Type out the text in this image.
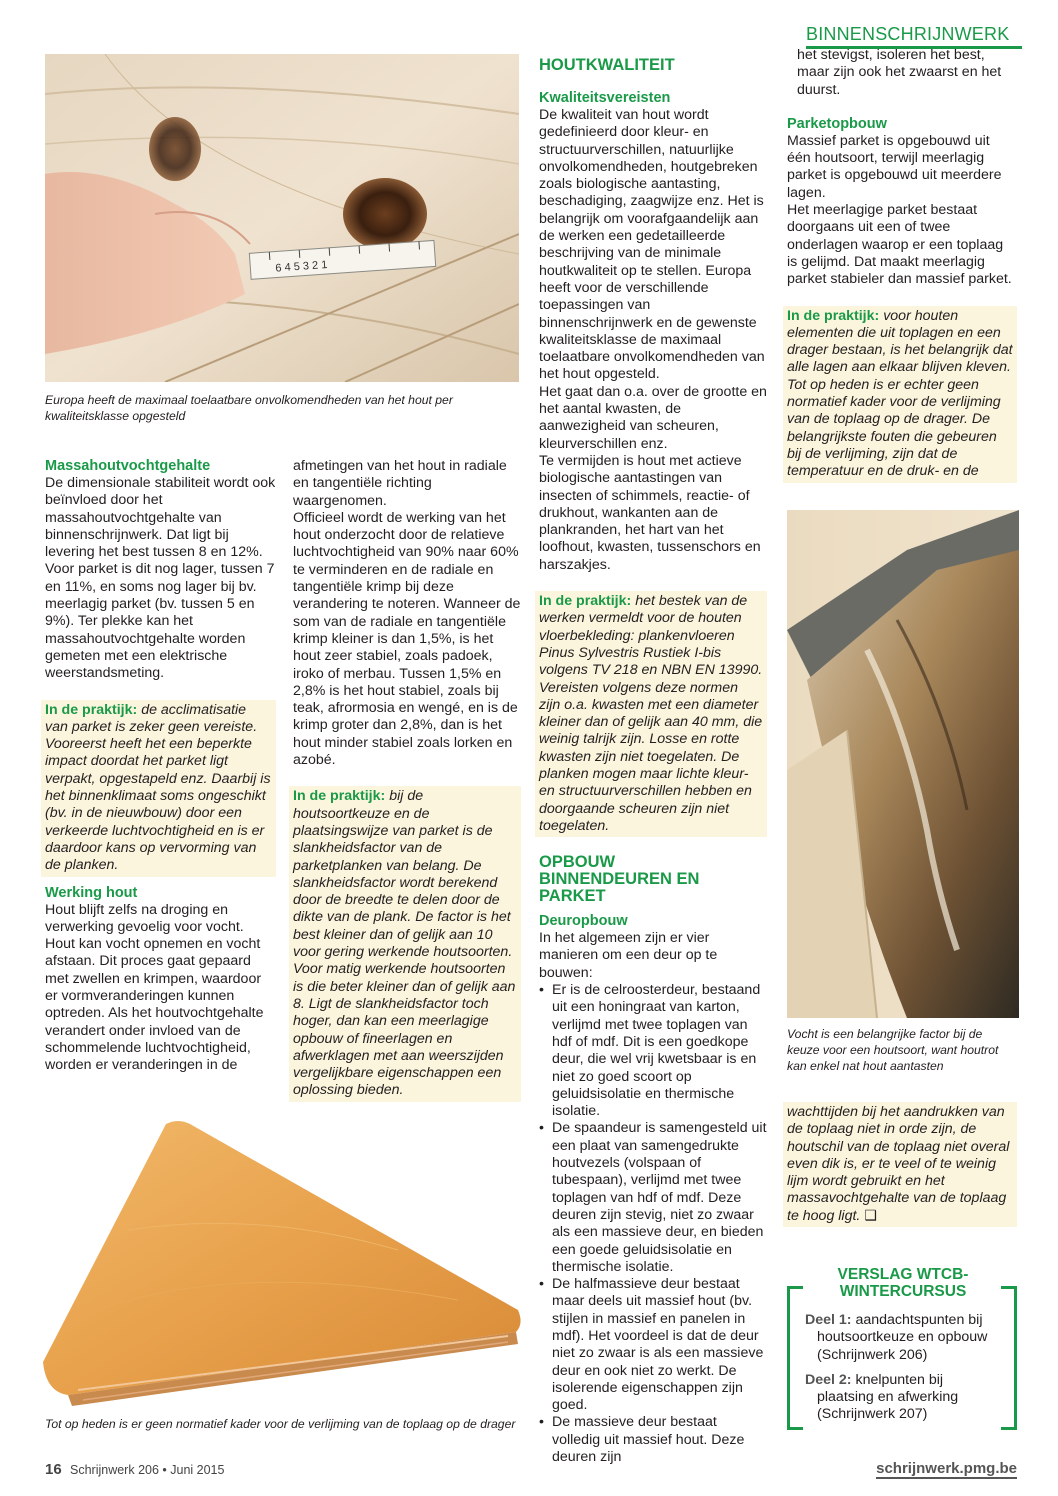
BINNENSCHRIJNWERK
6 4 5 3 2 1
Europa heeft de maximaal toelaatbare onvolkomendheden van het hout per kwaliteitsklasse opgesteld
Massahoutvochtgehalte

De dimensionale stabiliteit wordt ook beïnvloed door het massahoutvochtgehalte van binnenschrijnwerk. Dat ligt bij levering het best tussen 8 en 12%. Voor parket is dit nog lager, tussen 7 en 11%, en soms nog lager bij bv. meerlagig parket (bv. tussen 5 en 9%). Ter plekke kan het massahoutvochtgehalte worden gemeten met een elektrische weerstandsmeting.

In de praktijk: de acclimatisatie van parket is zeker geen vereiste. Vooreerst heeft het een beperkte impact doordat het parket ligt verpakt, opgestapeld enz. Daarbij is het binnenklimaat soms ongeschikt (bv. in de nieuwbouw) door een verkeerde luchtvochtigheid en is er daardoor kans op vervorming van de planken.

Werking hout

Hout blijft zelfs na droging en verwerking gevoelig voor vocht. Hout kan vocht opnemen en vocht afstaan. Dit proces gaat gepaard met zwellen en krimpen, waardoor er vormveranderingen kunnen optreden. Als het houtvochtgehalte verandert onder invloed van de schommelende luchtvochtigheid, worden er veranderingen in de

afmetingen van het hout in radiale en tangentiële richting waargenomen.

Officieel wordt de werking van het hout onderzocht door de relatieve luchtvochtigheid van 90% naar 60% te verminderen en de radiale en tangentiële krimp bij deze verandering te noteren. Wanneer de som van de radiale en tangentiële krimp kleiner is dan 1,5%, is het hout zeer stabiel, zoals padoek, iroko of merbau. Tussen 1,5% en 2,8% is het hout stabiel, zoals bij teak, afrormosia en wengé, en is de krimp groter dan 2,8%, dan is het hout minder stabiel zoals lorken en azobé.

In de praktijk: bij de houtsoortkeuze en de plaatsingswijze van parket is de slankheidsfactor van de parketplanken van belang. De slankheidsfactor wordt berekend door de breedte te delen door de dikte van de plank. De factor is het best kleiner dan of gelijk aan 10 voor gering werkende houtsoorten. Voor matig werkende houtsoorten is die beter kleiner dan of gelijk aan 8. Ligt de slankheidsfactor toch hoger, dan kan een meerlagige opbouw of fineerlagen en afwerklagen met aan weerszijden vergelijkbare eigenschappen een oplossing bieden.

Tot op heden is er geen normatief kader voor de verlijming van de toplaag op de drager
HOUTKWALITEIT
Kwaliteitsvereisten

De kwaliteit van hout wordt gedefinieerd door kleur- en structuurverschillen, natuurlijke onvolkomendheden, houtgebreken zoals biologische aantasting, beschadiging, zaagwijze enz. Het is belangrijk om voorafgaandelijk aan de werken een gedetailleerde beschrijving van de minimale houtkwaliteit op te stellen. Europa heeft voor de verschillende toepassingen van binnenschrijnwerk en de gewenste kwaliteitsklasse de maximaal toelaatbare onvolkomendheden van het hout opgesteld.

Het gaat dan o.a. over de grootte en het aantal kwasten, de aanwezigheid van scheuren, kleurverschillen enz.

Te vermijden is hout met actieve biologische aantastingen van insecten of schimmels, reactie- of drukhout, wankanten aan de plankranden, het hart van het loofhout, kwasten, tussenschors en harszakjes.

In de praktijk: het bestek van de werken vermeldt voor de houten vloerbekleding: plankenvloeren Pinus Sylvestris Rustiek I-bis volgens TV 218 en NBN EN 13990. Vereisten volgens deze normen zijn o.a. kwasten met een diameter kleiner dan of gelijk aan 40 mm, die weinig talrijk zijn. Losse en rotte kwasten zijn niet toegelaten. De planken mogen maar lichte kleur- en structuurverschillen hebben en doorgaande scheuren zijn niet toegelaten.

OPBOUW
BINNENDEUREN EN PARKET
Deuropbouw

In het algemeen zijn er vier manieren om een deur op te bouwen:

• Er is de celroosterdeur, bestaand uit een honingraat van karton, verlijmd met twee toplagen van hdf of mdf. Dit is een goedkope deur, die wel vrij kwetsbaar is en niet zo goed scoort op geluidsisolatie en thermische isolatie.
• De spaandeur is samengesteld uit een plaat van samengedrukte houtvezels (volspaan of tubespaan), verlijmd met twee toplagen van hdf of mdf. Deze deuren zijn stevig, niet zo zwaar als een massieve deur, en bieden een goede geluidsisolatie en thermische isolatie.
• De halfmassieve deur bestaat maar deels uit massief hout (bv. stijlen in massief en panelen in mdf). Het voordeel is dat de deur niet zo zwaar is als een massieve deur en ook niet zo werkt. De isolerende eigenschappen zijn goed.
• De massieve deur bestaat volledig uit massief hout. Deze deuren zijn

het stevigst, isoleren het best, maar zijn ook het zwaarst en het duurst.

Parketopbouw

Massief parket is opgebouwd uit één houtsoort, terwijl meerlagig parket is opgebouwd uit meerdere lagen.

Het meerlagige parket bestaat doorgaans uit een of twee onderlagen waarop er een toplaag is gelijmd. Dat maakt meerlagig parket stabieler dan massief parket.

In de praktijk: voor houten elementen die uit toplagen en een drager bestaan, is het belangrijk dat alle lagen aan elkaar blijven kleven. Tot op heden is er echter geen normatief kader voor de verlijming van de toplaag op de drager. De belangrijkste fouten die gebeuren bij de verlijming, zijn dat de temperatuur en de druk- en de

Vocht is een belangrijke factor bij de keuze voor een houtsoort, want houtrot kan enkel nat hout aantasten

wachttijden bij het aandrukken van de toplaag niet in orde zijn, de houtschil van de toplaag niet overal even dik is, er te veel of te weinig lijm wordt gebruikt en het massavochtgehalte van de toplaag te hoog ligt. ❑

VERSLAG WTCB-
WINTERCURSUS

Deel 1: aandachtspunten bij houtsoortkeuze en opbouw (Schrijnwerk 206)

Deel 2: knelpunten bij plaatsing en afwerking (Schrijnwerk 207)

16 Schrijnwerk 206 • Juni 2015	schrijnwerk.pmg.be
